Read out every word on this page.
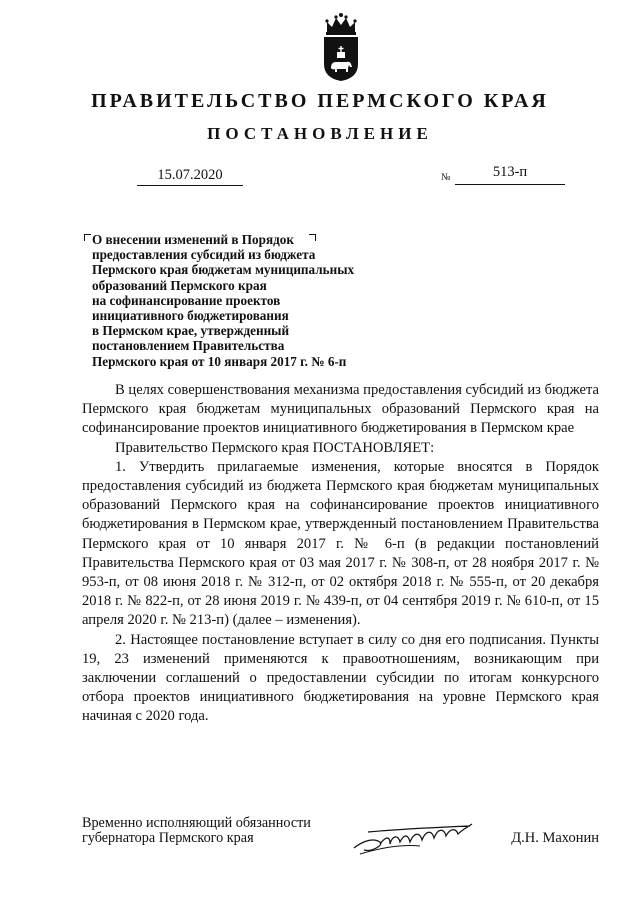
ПРАВИТЕЛЬСТВО ПЕРМСКОГО КРАЯ
ПОСТАНОВЛЕНИЕ
15.07.2020	№	513-п
О внесении изменений в Порядок
предоставления субсидий из бюджета
Пермского края бюджетам муниципальных
образований Пермского края
на софинансирование проектов
инициативного бюджетирования
в Пермском крае, утвержденный
постановлением Правительства
Пермского края от 10 января 2017 г. № 6-п

В целях совершенствования механизма предоставления субсидий из бюджета Пермского края бюджетам муниципальных образований Пермского края на софинансирование проектов инициативного бюджетирования в Пермском крае

Правительство Пермского края ПОСТАНОВЛЯЕТ:

1. Утвердить прилагаемые изменения, которые вносятся в Порядок предоставления субсидий из бюджета Пермского края бюджетам муниципальных образований Пермского края на софинансирование проектов инициативного бюджетирования в Пермском крае, утвержденный постановлением Правительства Пермского края от 10 января 2017 г. № 6-п (в редакции постановлений Правительства Пермского края от 03 мая 2017 г. № 308-п, от 28 ноября 2017 г. № 953-п, от 08 июня 2018 г. № 312-п, от 02 октября 2018 г. № 555-п, от 20 декабря 2018 г. № 822-п, от 28 июня 2019 г. № 439-п, от 04 сентября 2019 г. № 610-п, от 15 апреля 2020 г. № 213-п) (далее – изменения).

2. Настоящее постановление вступает в силу со дня его подписания. Пункты 19, 23 изменений применяются к правоотношениям, возникающим при заключении соглашений о предоставлении субсидии по итогам конкурсного отбора проектов инициативного бюджетирования на уровне Пермского края начиная с 2020 года.

Временно исполняющий обязанности
губернатора Пермского края	Д.Н. Махонин
